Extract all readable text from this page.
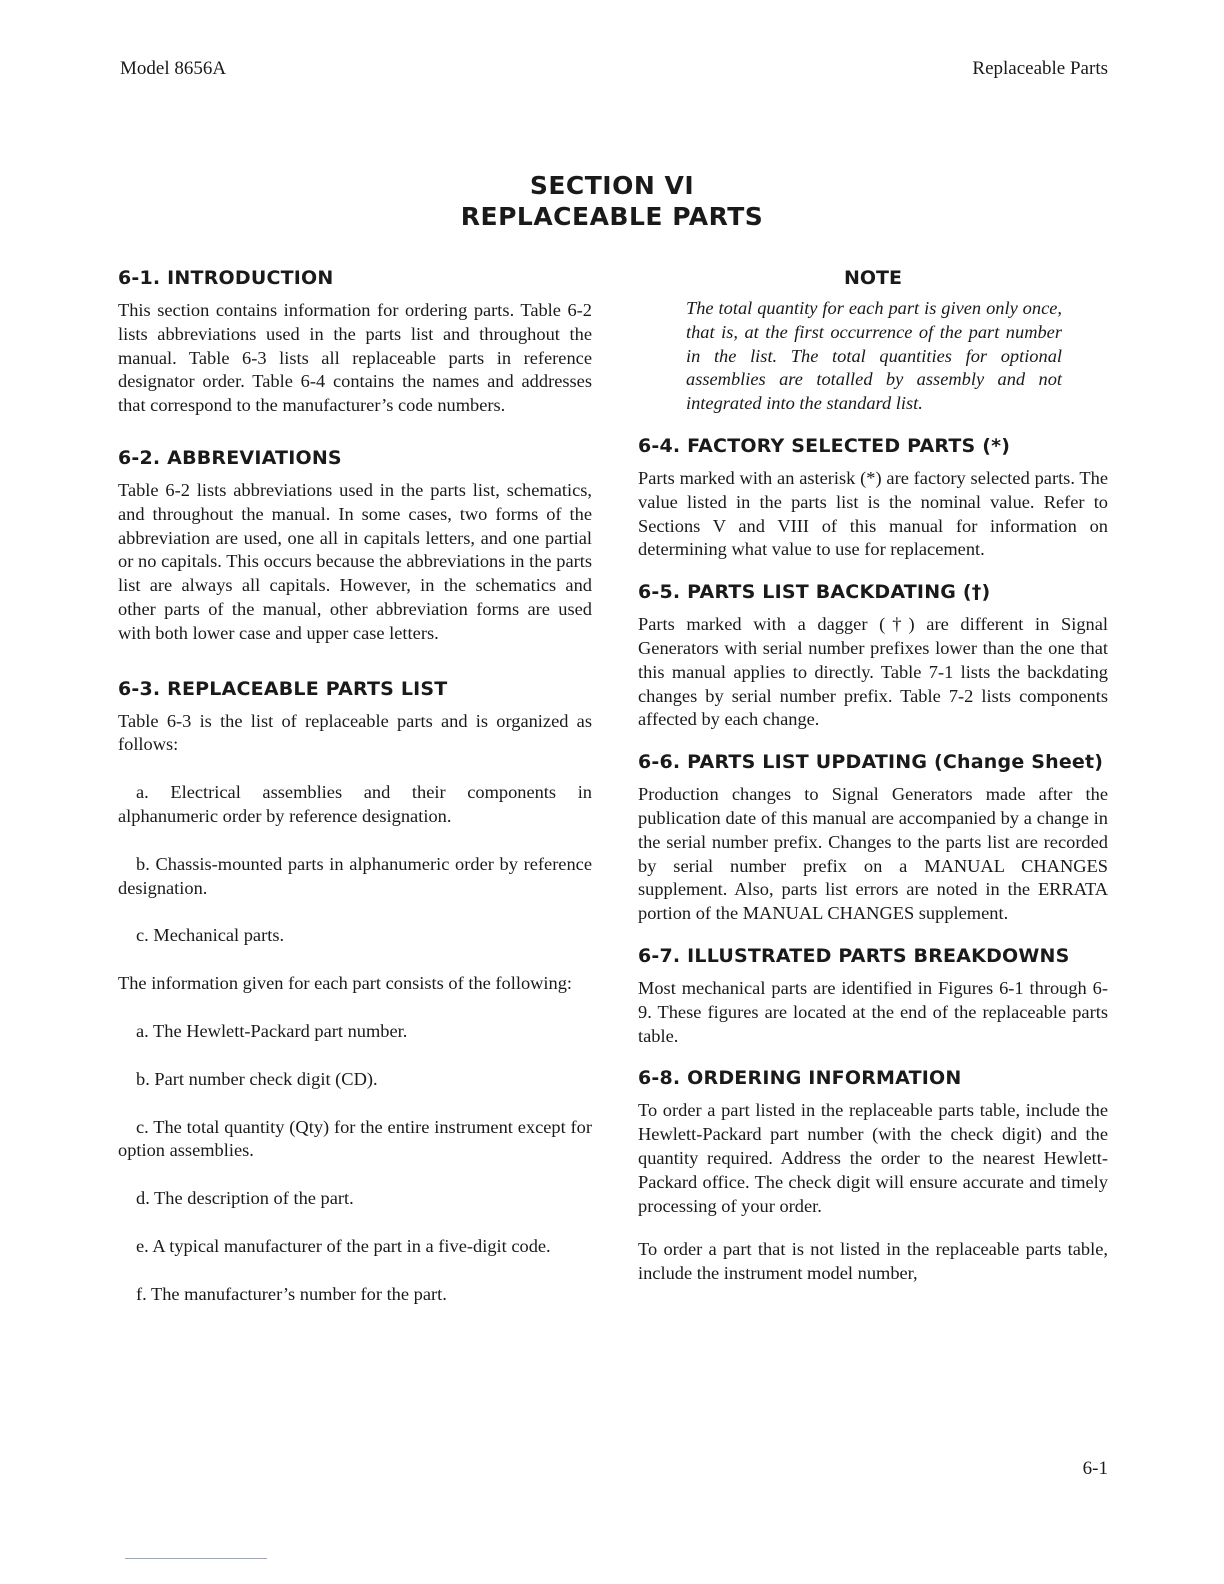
Model 8656A	Replaceable Parts
SECTION VI
REPLACEABLE PARTS
6-1. INTRODUCTION

This section contains information for ordering parts. Table 6-2 lists abbreviations used in the parts list and throughout the manual. Table 6-3 lists all replaceable parts in reference designator order. Table 6-4 contains the names and addresses that correspond to the manufacturer’s code numbers.

6-2. ABBREVIATIONS

Table 6-2 lists abbreviations used in the parts list, schematics, and throughout the manual. In some cases, two forms of the abbreviation are used, one all in capitals letters, and one partial or no capitals. This occurs because the abbreviations in the parts list are always all capitals. However, in the schematics and other parts of the manual, other abbreviation forms are used with both lower case and upper case letters.

6-3. REPLACEABLE PARTS LIST

Table 6-3 is the list of replaceable parts and is organized as follows:

a. Electrical assemblies and their components in alphanumeric order by reference designation.

b. Chassis-mounted parts in alphanumeric order by reference designation.

c. Mechanical parts.

The information given for each part consists of the following:

a. The Hewlett-Packard part number.

b. Part number check digit (CD).

c. The total quantity (Qty) for the entire instrument except for option assemblies.

d. The description of the part.

e. A typical manufacturer of the part in a five-digit code.

f. The manufacturer’s number for the part.

NOTE

The total quantity for each part is given only once, that is, at the first occurrence of the part number in the list. The total quantities for optional assemblies are totalled by assembly and not integrated into the standard list.

6-4. FACTORY SELECTED PARTS (*)

Parts marked with an asterisk (*) are factory selected parts. The value listed in the parts list is the nominal value. Refer to Sections V and VIII of this manual for information on determining what value to use for replacement.

6-5. PARTS LIST BACKDATING (†)

Parts marked with a dagger (†) are different in Signal Generators with serial number prefixes lower than the one that this manual applies to directly. Table 7-1 lists the backdating changes by serial number prefix. Table 7-2 lists components affected by each change.

6-6. PARTS LIST UPDATING (Change Sheet)

Production changes to Signal Generators made after the publication date of this manual are accompanied by a change in the serial number prefix. Changes to the parts list are recorded by serial number prefix on a MANUAL CHANGES supplement. Also, parts list errors are noted in the ERRATA portion of the MANUAL CHANGES supplement.

6-7. ILLUSTRATED PARTS BREAKDOWNS

Most mechanical parts are identified in Figures 6-1 through 6-9. These figures are located at the end of the replaceable parts table.

6-8. ORDERING INFORMATION

To order a part listed in the replaceable parts table, include the Hewlett-Packard part number (with the check digit) and the quantity required. Address the order to the nearest Hewlett-Packard office. The check digit will ensure accurate and timely processing of your order.

To order a part that is not listed in the replaceable parts table, include the instrument model number,

6-1
